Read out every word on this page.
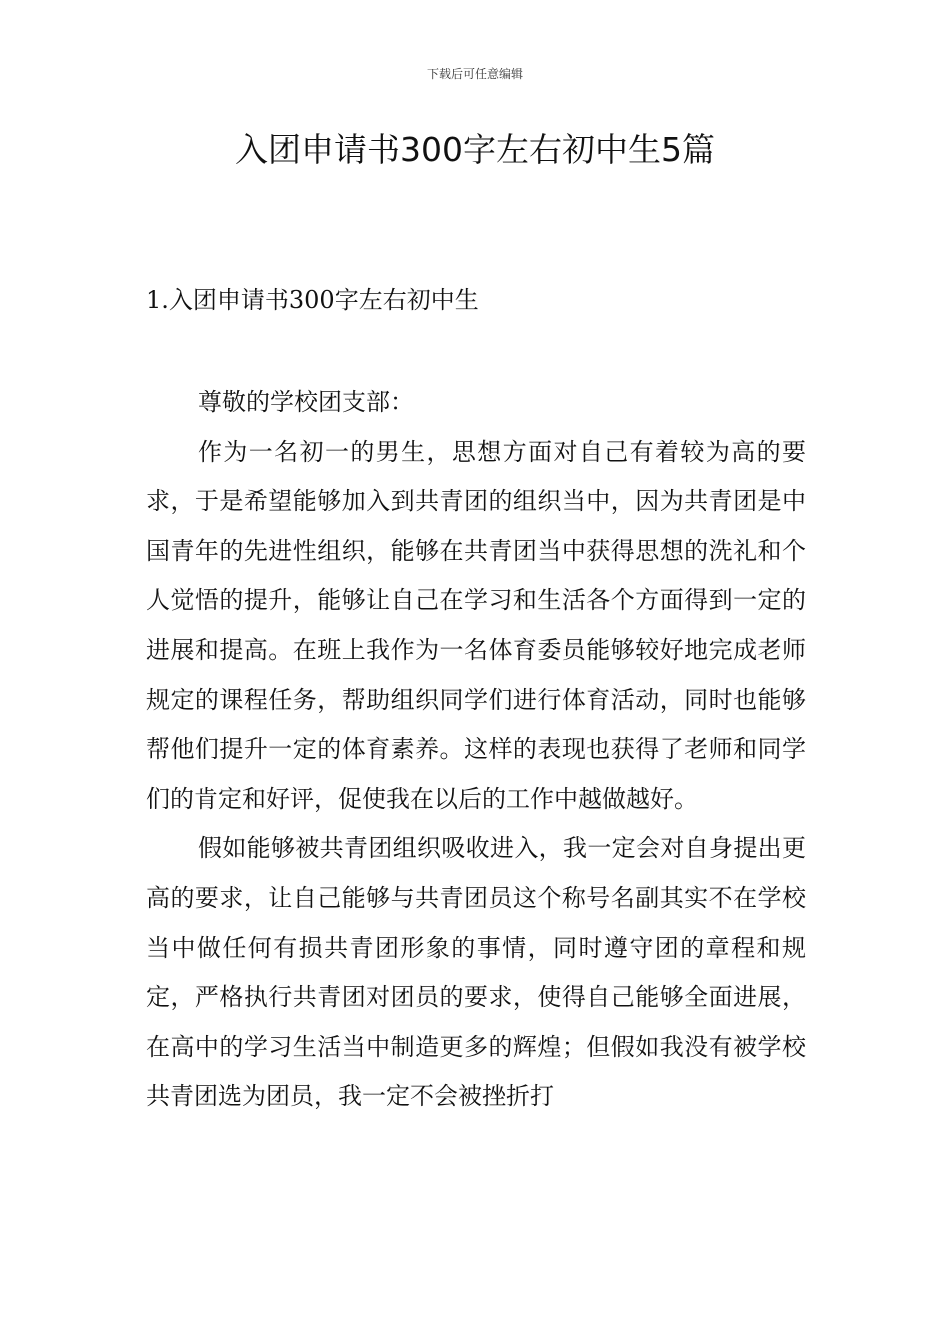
下载后可任意编辑
入团申请书300字左右初中生5篇
1.入团申请书300字左右初中生

尊敬的学校团支部：

作为一名初一的男生，思想方面对自己有着较为高的要求，于是希望能够加入到共青团的组织当中，因为共青团是中国青年的先进性组织，能够在共青团当中获得思想的洗礼和个人觉悟的提升，能够让自己在学习和生活各个方面得到一定的进展和提高。在班上我作为一名体育委员能够较好地完成老师规定的课程任务，帮助组织同学们进行体育活动，同时也能够帮他们提升一定的体育素养。这样的表现也获得了老师和同学们的肯定和好评，促使我在以后的工作中越做越好。

假如能够被共青团组织吸收进入，我一定会对自身提出更高的要求，让自己能够与共青团员这个称号名副其实不在学校当中做任何有损共青团形象的事情，同时遵守团的章程和规定，严格执行共青团对团员的要求，使得自己能够全面进展，在高中的学习生活当中制造更多的辉煌；但假如我没有被学校共青团选为团员，我一定不会被挫折打
